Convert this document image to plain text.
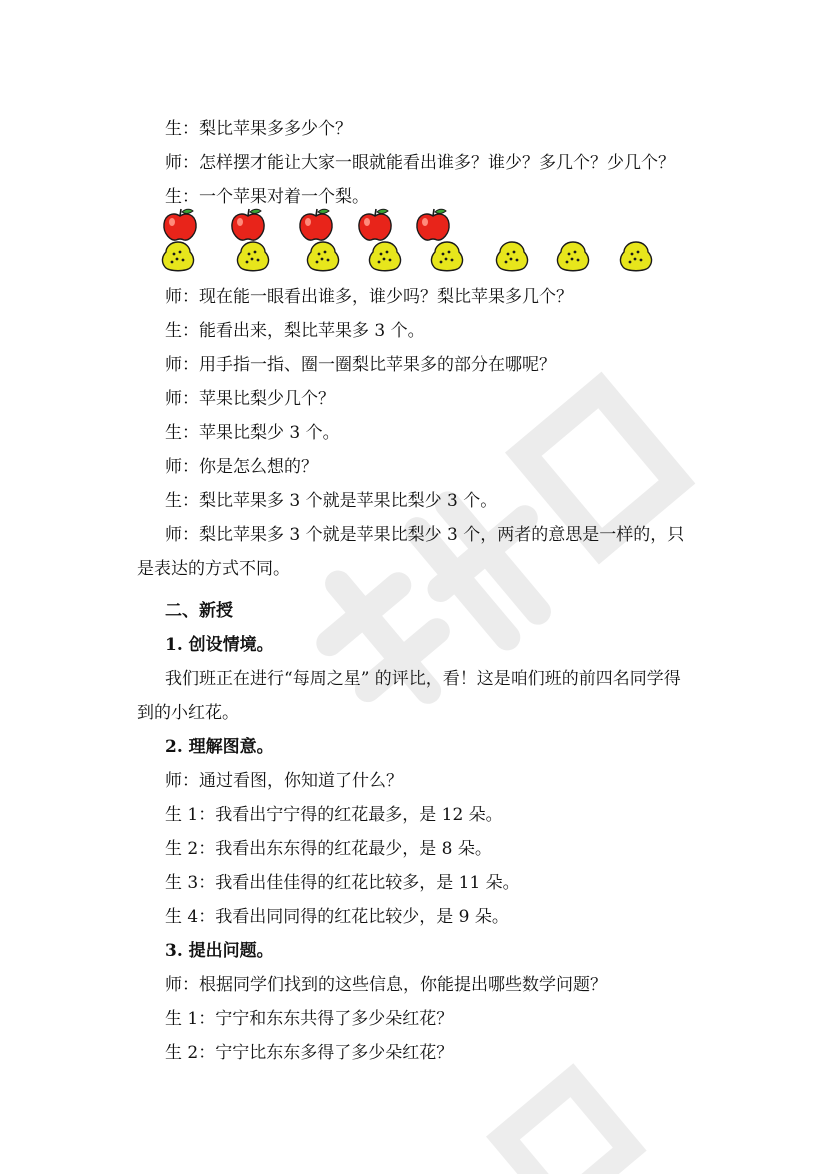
生：梨比苹果多多少个？
师：怎样摆才能让大家一眼就能看出谁多？谁少？多几个？少几个？
生：一个苹果对着一个梨。
师：现在能一眼看出谁多，谁少吗？梨比苹果多几个？
生：能看出来，梨比苹果多 3 个。
师：用手指一指、圈一圈梨比苹果多的部分在哪呢？
师：苹果比梨少几个？
生：苹果比梨少 3 个。
师：你是怎么想的？
生：梨比苹果多 3 个就是苹果比梨少 3 个。
师：梨比苹果多 3 个就是苹果比梨少 3 个，两者的意思是一样的，只
是表达的方式不同。
二、新授
1. 创设情境。
我们班正在进行“每周之星” 的评比，看！这是咱们班的前四名同学得
到的小红花。
2. 理解图意。
师：通过看图，你知道了什么？
生 1：我看出宁宁得的红花最多，是 12 朵。
生 2：我看出东东得的红花最少，是 8 朵。
生 3：我看出佳佳得的红花比较多，是 11 朵。
生 4：我看出同同得的红花比较少，是 9 朵。
3. 提出问题。
师：根据同学们找到的这些信息，你能提出哪些数学问题？
生 1：宁宁和东东共得了多少朵红花？
生 2：宁宁比东东多得了多少朵红花？
